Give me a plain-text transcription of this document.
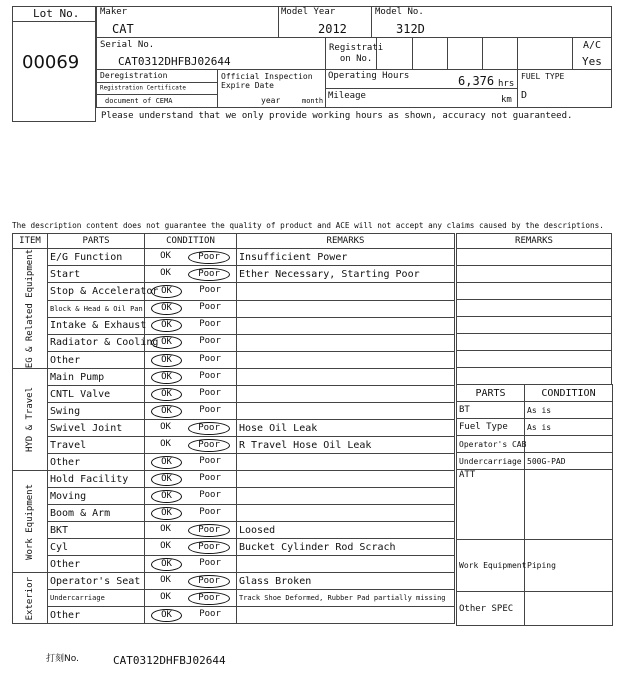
Lot No.
00069
Maker
CAT
Model Year
2012
Model No.
312D
Serial No.
CAT0312DHFBJ02644
Registrati
on No.
A/C
Yes
Deregistration
Registration Certificate
document of CEMA
Official Inspection
Expire Date
year	month
Operating Hours	6,376 hrs
Mileage	km
FUEL TYPE
D
Please understand that we only provide working hours as shown, accuracy not guaranteed.
The description content does not guarantee the quality of product and ACE will not accept any claims caused by the descriptions.
ITEM	PARTS	CONDITION	REMARKS

EG & Related Equipment	E/G Function	OK Poor	Insufficient Power
	Start	OK Poor	Ether Necessary, Starting Poor
	Stop & Accelerator	OK Poor	

	Block & Head & Oil Pan	OK Poor	

	Intake & Exhaust	OK Poor	

	Radiator & Cooling	OK Poor	

	Other	OK Poor	

HYD & Travel	Main Pump	OK Poor	

	CNTL Valve	OK Poor	

	Swing	OK Poor	

	Swivel Joint	OK Poor	Hose Oil Leak
	Travel	OK Poor	R Travel Hose Oil Leak
	Other	OK Poor	

Work Equipment	Hold Facility	OK Poor	

	Moving	OK Poor	

	Boom & Arm	OK Poor	

	BKT	OK Poor	Loosed
	Cyl	OK Poor	Bucket Cylinder Rod Scrach
	Other	OK Poor	

Exterior	Operator's Seat	OK Poor	Glass Broken
	Undercarriage	OK Poor	Track Shoe Deformed, Rubber Pad partially missing
	Other	OK Poor	

REMARKS

PARTS	CONDITION
BT	As is
Fuel Type	As is
Operator's CAB	
Undercarriage	500G-PAD
ATT	
Work Equipment	Piping
Other SPEC	
打刻No.	CAT0312DHFBJ02644
